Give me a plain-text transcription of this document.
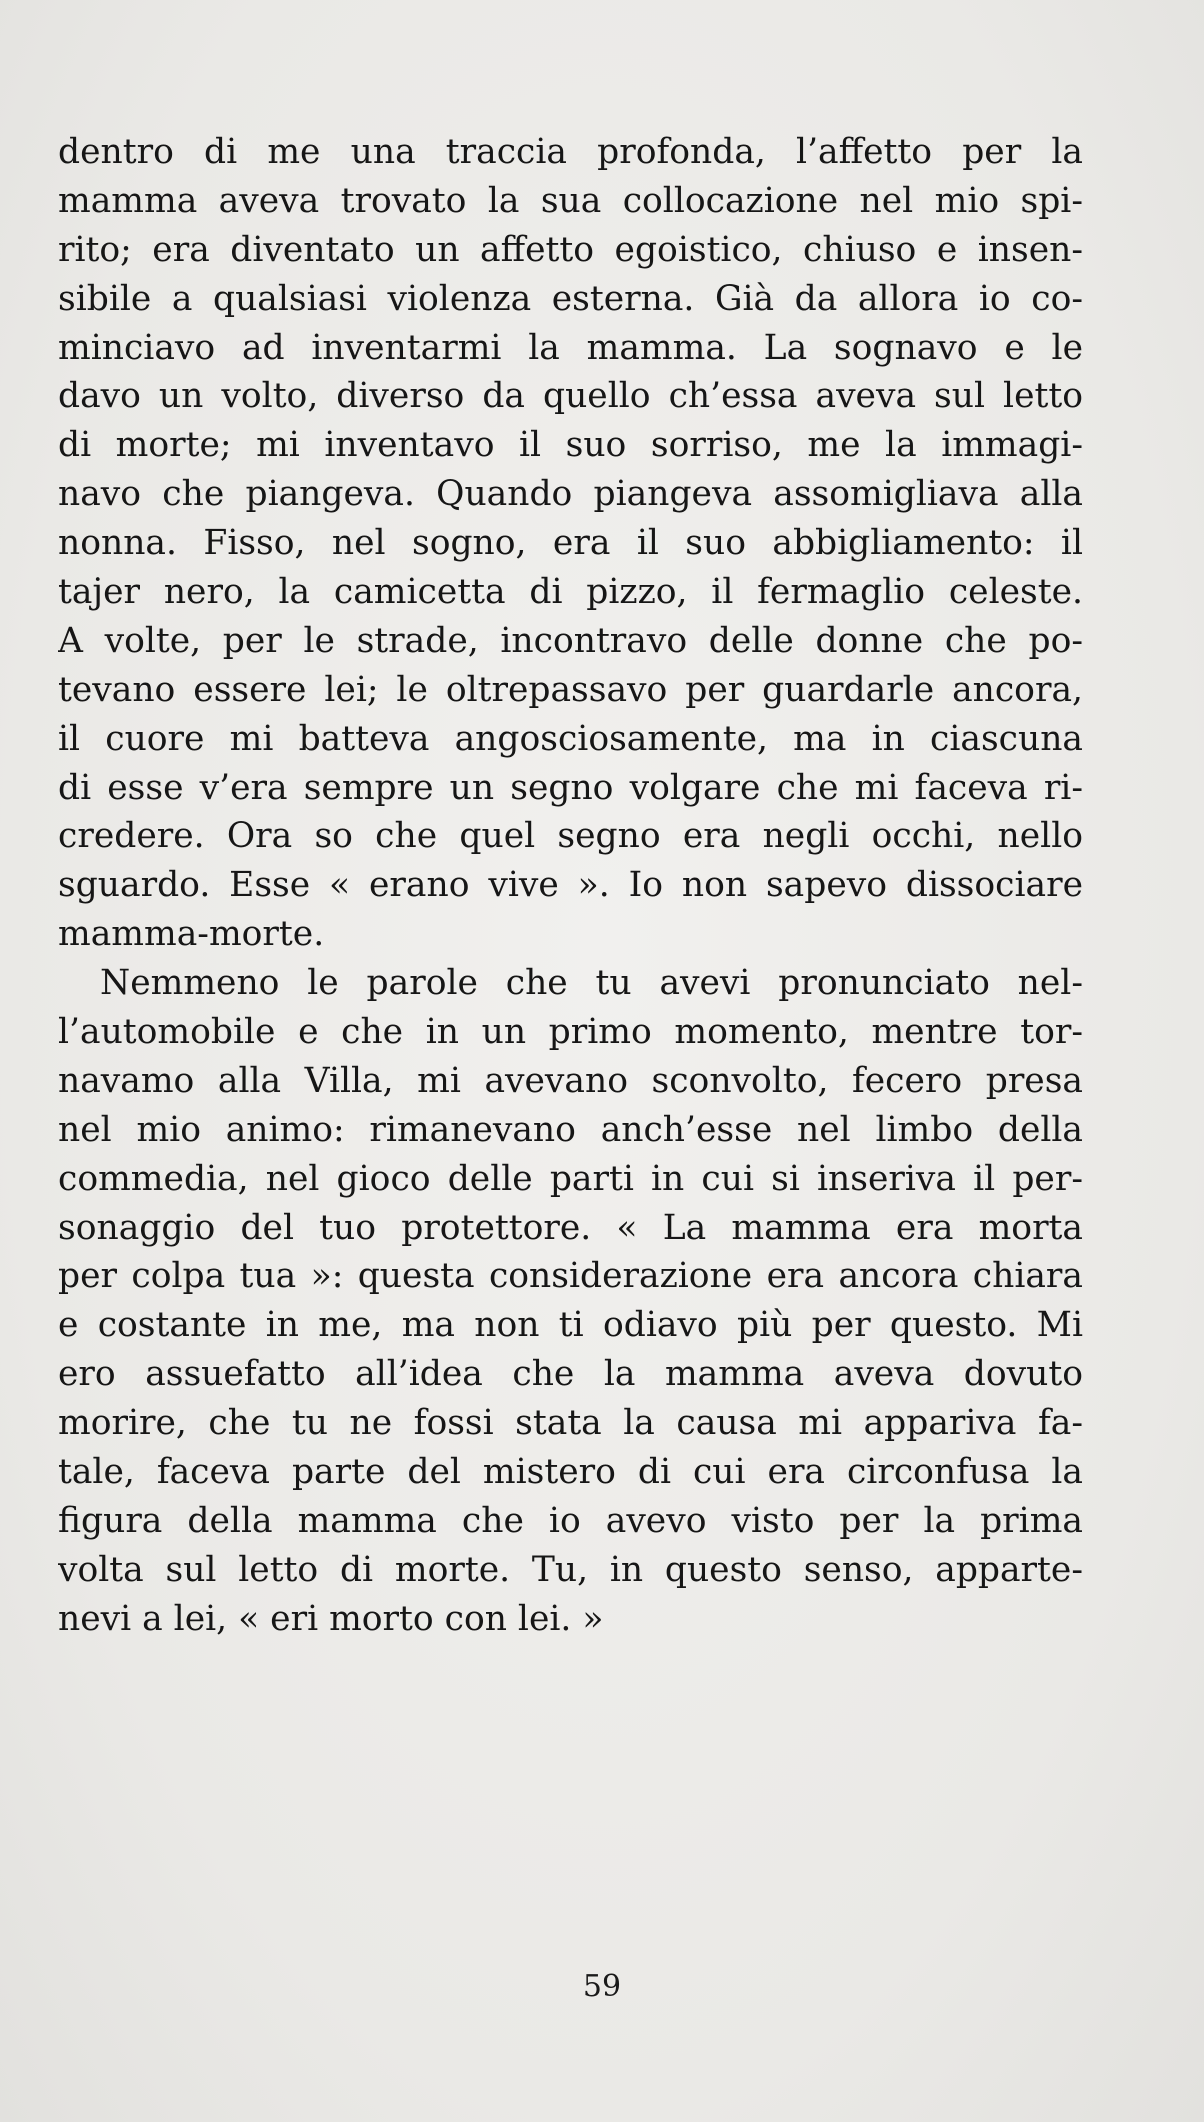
dentro di me una traccia profonda, l’affetto per la
mamma aveva trovato la sua collocazione nel mio spi-
rito; era diventato un affetto egoistico, chiuso e insen-
sibile a qualsiasi violenza esterna. Già da allora io co-
minciavo ad inventarmi la mamma. La sognavo e le
davo un volto, diverso da quello ch’essa aveva sul letto
di morte; mi inventavo il suo sorriso, me la immagi-
navo che piangeva. Quando piangeva assomigliava alla
nonna. Fisso, nel sogno, era il suo abbigliamento: il
tajer nero, la camicetta di pizzo, il fermaglio celeste.
A volte, per le strade, incontravo delle donne che po-
tevano essere lei; le oltrepassavo per guardarle ancora,
il cuore mi batteva angosciosamente, ma in ciascuna
di esse v’era sempre un segno volgare che mi faceva ri-
credere. Ora so che quel segno era negli occhi, nello
sguardo. Esse « erano vive ». Io non sapevo dissociare
mamma-morte.
Nemmeno le parole che tu avevi pronunciato nel-
l’automobile e che in un primo momento, mentre tor-
navamo alla Villa, mi avevano sconvolto, fecero presa
nel mio animo: rimanevano anch’esse nel limbo della
commedia, nel gioco delle parti in cui si inseriva il per-
sonaggio del tuo protettore. « La mamma era morta
per colpa tua »: questa considerazione era ancora chiara
e costante in me, ma non ti odiavo più per questo. Mi
ero assuefatto all’idea che la mamma aveva dovuto
morire, che tu ne fossi stata la causa mi appariva fa-
tale, faceva parte del mistero di cui era circonfusa la
figura della mamma che io avevo visto per la prima
volta sul letto di morte. Tu, in questo senso, apparte-
nevi a lei, « eri morto con lei. »
59
